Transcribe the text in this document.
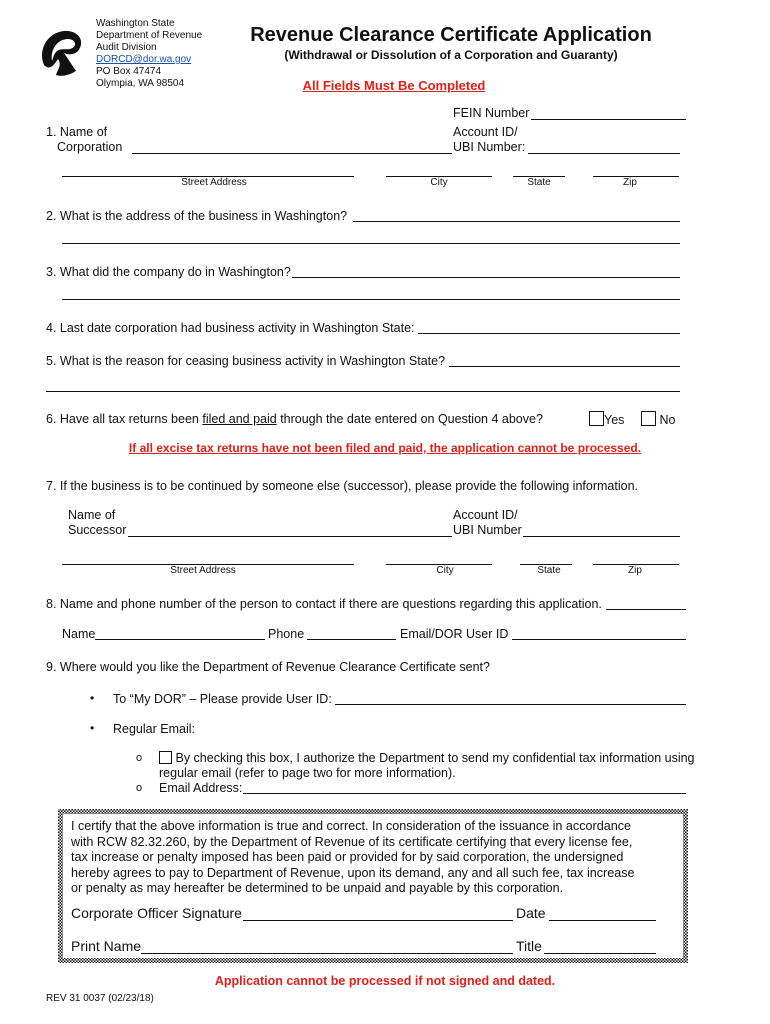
Washington State
Department of Revenue
Audit Division
DORCD@dor.wa.gov
PO Box 47474
Olympia, WA 98504
Revenue Clearance Certificate Application
(Withdrawal or Dissolution of a Corporation and Guaranty)
All Fields Must Be Completed
FEIN Number
1. Name of
Corporation
Account ID/
UBI Number:
Street Address	City	State	Zip
2. What is the address of the business in Washington?
3. What did the company do in Washington?
4. Last date corporation had business activity in Washington State:
5. What is the reason for ceasing business activity in Washington State?
6. Have all tax returns been filed and paid through the date entered on Question 4 above?	Yes	No
If all excise tax returns have not been filed and paid, the application cannot be processed.
7. If the business is to be continued by someone else (successor), please provide the following information.
Name of
Successor
Account ID/
UBI Number
Street Address	City	State	Zip
8. Name and phone number of the person to contact if there are questions regarding this application.
Name	Phone	Email/DOR User ID
9. Where would you like the Department of Revenue Clearance Certificate sent?
• To “My DOR” – Please provide User ID:
• Regular Email:
o	By checking this box, I authorize the Department to send my confidential tax information using
regular email (refer to page two for more information).
o Email Address:
I certify that the above information is true and correct. In consideration of the issuance in accordance
with RCW 82.32.260, by the Department of Revenue of its certificate certifying that every license fee,
tax increase or penalty imposed has been paid or provided for by said corporation, the undersigned
hereby agrees to pay to Department of Revenue, upon its demand, any and all such fee, tax increase
or penalty as may hereafter be determined to be unpaid and payable by this corporation.
Corporate Officer Signature	Date
Print Name	Title
Application cannot be processed if not signed and dated.
REV 31 0037 (02/23/18)
